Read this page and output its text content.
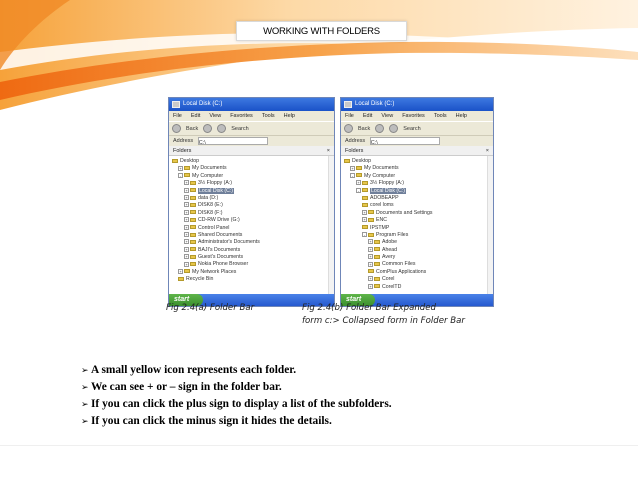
WORKING WITH FOLDERS
Local Disk (C:)
File Edit View Favorites Tools Help
Back	Search
Address C:\
Folders	×
Desktop
+ My Documents
- My Computer
+ 3½ Floppy (A:)
+ Local Disk (C:)
+ data (D:)
+ DISK8 (E:)
+ DISK8 (F:)
+ CD-RW Drive (G:)
+ Control Panel
+ Shared Documents
+ Administrator's Documents
+ BAJI's Documents
+ Guest's Documents
+ Nokia Phone Browser
+ My Network Places
Recycle Bin
start
Local Disk (C:)
File Edit View Favorites Tools Help
Back	Search
Address C:\
Folders	×
Desktop
+ My Documents
- My Computer
+ 3½ Floppy (A:)
- Local Disk (C:)
ADOBEAPP
corel loms
+ Documents and Settings
+ ENC
IPSTMP
- Program Files
+ Adobe
+ Ahead
+ Avery
+ Common Files
ComPlus Applications
+ Corel
+ CorelTD
start
Fig 2.4(a) Folder Bar	Fig 2.4(b) Folder Bar Expanded
form c:> Collapsed form in Folder Bar
➢ A small yellow icon represents each folder.
➢ We can see + or – sign in the folder bar.
➢ If you can click the plus sign to display a list of the subfolders.
➢ If you can click the minus sign it hides the details.
